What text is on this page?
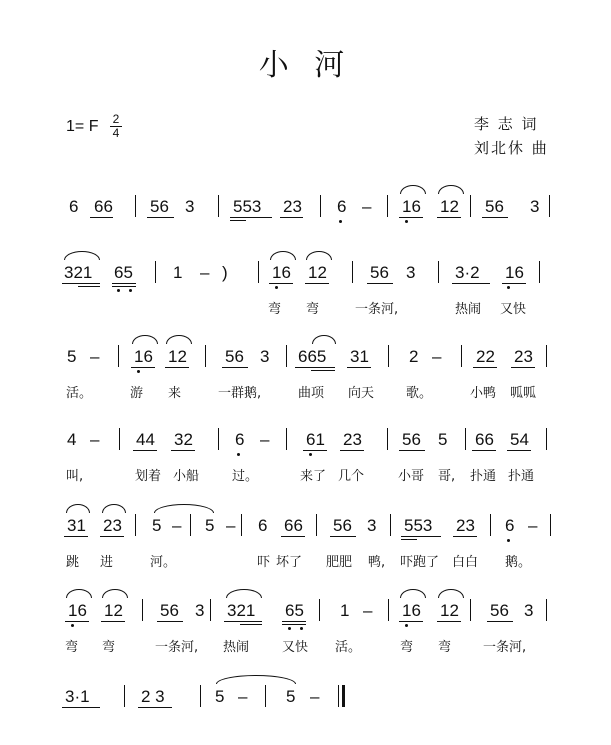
小 河
1= F $\frac{2}{4}$	李 志 词
刘北休 曲
6 66 56 3 553 23 6 – 16 12 56 3
321 65 1 – )	16 12	56 3 3·2 16
弯 弯	一条河,	热闹 又快
5 – 16 12 56 3 665 31 2 – 22 23
活。	游 来	一群鹅,	曲项 向天 歌。	小鸭 呱呱
4 – 44 32 6 – 61 23 56 5 66 54
叫,	划着 小船	过。	来了 几个	小哥 哥, 扑通 扑通
31 23 5 – 5 – 6 66 56 3 553 23 6 –
跳 进	河。	吓 坏了 肥肥 鸭, 吓跑了 白白 鹅。
16 12 56 3 321 65 1 – 16 12 56 3
弯 弯	一条河, 热闹	又快 活。	弯 弯 一条河,
3·1	2 3	5 – 5 –
